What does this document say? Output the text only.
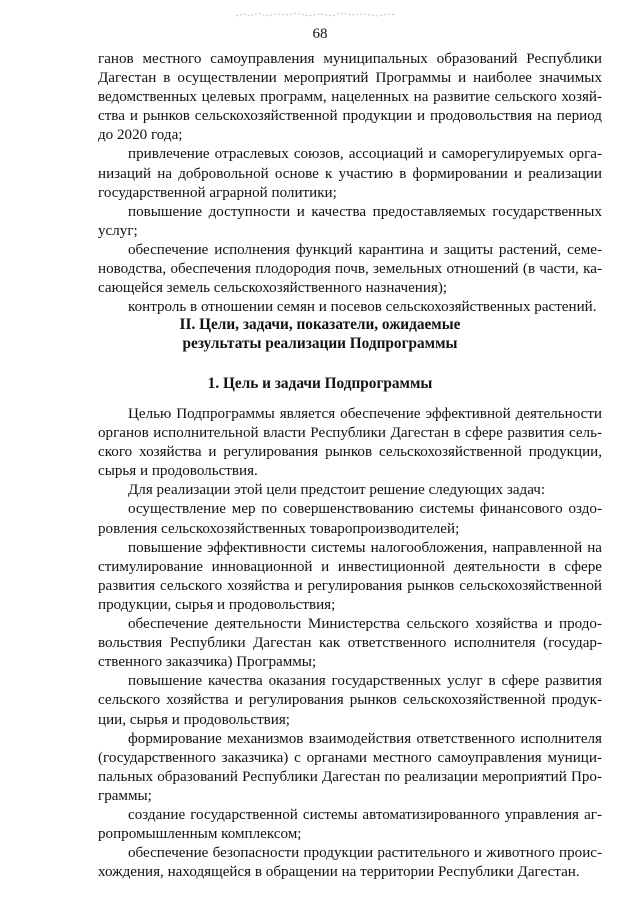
68

ганов местного самоуправления муниципальных образований Республики Дагестан в осуществлении мероприятий Программы и наиболее значимых ведомственных целевых программ, нацеленных на развитие сельского хозяйства и рынков сельскохозяйственной продукции и продовольствия на период до 2020 года;

привлечение отраслевых союзов, ассоциаций и саморегулируемых организаций на добровольной основе к участию в формировании и реализации государственной аграрной политики;

повышение доступности и качества предоставляемых государственных услуг;

обеспечение исполнения функций карантина и защиты растений, семеноводства, обеспечения плодородия почв, земельных отношений (в части, касающейся земель сельскохозяйственного назначения);

контроль в отношении семян и посевов сельскохозяйственных растений.

II. Цели, задачи, показатели, ожидаемые

результаты реализации Подпрограммы

1. Цель и задачи Подпрограммы

Целью Подпрограммы является обеспечение эффективной деятельности органов исполнительной власти Республики Дагестан в сфере развития сельского хозяйства и регулирования рынков сельскохозяйственной продукции, сырья и продовольствия.

Для реализации этой цели предстоит решение следующих задач:

осуществление мер по совершенствованию системы финансового оздоровления сельскохозяйственных товаропроизводителей;

повышение эффективности системы налогообложения, направленной на стимулирование инновационной и инвестиционной деятельности в сфере развития сельского хозяйства и регулирования рынков сельскохозяйственной продукции, сырья и продовольствия;

обеспечение деятельности Министерства сельского хозяйства и продовольствия Республики Дагестан как ответственного исполнителя (государственного заказчика) Программы;

повышение качества оказания государственных услуг в сфере развития сельского хозяйства и регулирования рынков сельскохозяйственной продукции, сырья и продовольствия;

формирование механизмов взаимодействия ответственного исполнителя (государственного заказчика) с органами местного самоуправления муниципальных образований Республики Дагестан по реализации мероприятий Программы;

создание государственной системы автоматизированного управления агропромышленным комплексом;

обеспечение безопасности продукции растительного и животного происхождения, находящейся в обращении на территории Республики Дагестан.
